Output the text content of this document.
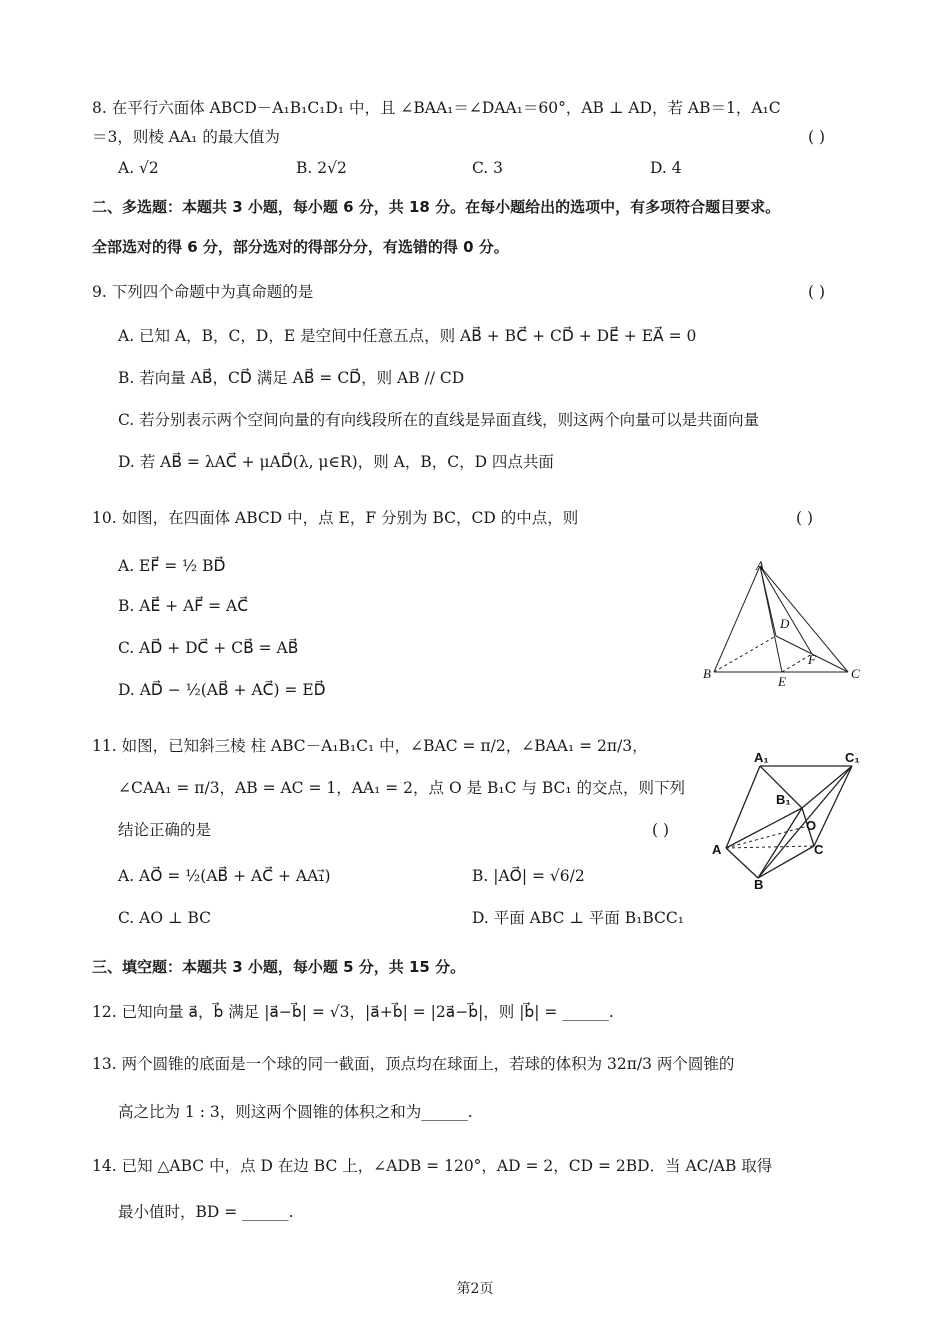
8. 在平行六面体 ABCD－A₁B₁C₁D₁ 中，且 ∠BAA₁＝∠DAA₁＝60°，AB ⊥ AD，若 AB＝1，A₁C
＝3，则棱 AA₁ 的最大值为	( )
A. √2	B. 2√2	C. 3	D. 4
二、多选题：本题共 3 小题，每小题 6 分，共 18 分。在每小题给出的选项中，有多项符合题目要求。
全部选对的得 6 分，部分选对的得部分分，有选错的得 0 分。
9. 下列四个命题中为真命题的是	( )
A. 已知 A，B，C，D，E 是空间中任意五点，则 AB⃗ + BC⃗ + CD⃗ + DE⃗ + EA⃗ = 0
B. 若向量 AB⃗，CD⃗ 满足 AB⃗ = CD⃗，则 AB // CD
C. 若分别表示两个空间向量的有向线段所在的直线是异面直线，则这两个向量可以是共面向量
D. 若 AB⃗ = λAC⃗ + μAD⃗(λ, μ∈R)，则 A，B，C，D 四点共面
10. 如图，在四面体 ABCD 中，点 E，F 分别为 BC，CD 的中点，则	( )
A. EF⃗ = ½ BD⃗
B. AE⃗ + AF⃗ = AC⃗
C. AD⃗ + DC⃗ + CB⃗ = AB⃗
D. AD⃗ − ½(AB⃗ + AC⃗) = ED⃗
A
B	C
D
E
F
11. 如图，已知斜三棱 柱 ABC－A₁B₁C₁ 中，∠BAC = π/2，∠BAA₁ = 2π/3，
∠CAA₁ = π/3，AB = AC = 1，AA₁ = 2，点 O 是 B₁C 与 BC₁ 的交点，则下列
结论正确的是	( )
A. AO⃗ = ½(AB⃗ + AC⃗ + AA₁⃗)	B. |AO⃗| = √6/2
C. AO ⊥ BC	D. 平面 ABC ⊥ 平面 B₁BCC₁
A₁	C₁
B₁
O
A	C
B
三、填空题：本题共 3 小题，每小题 5 分，共 15 分。
12. 已知向量 a⃗，b⃗ 满足 |a⃗−b⃗| = √3，|a⃗+b⃗| = |2a⃗−b⃗|，则 |b⃗| = ______.
13. 两个圆锥的底面是一个球的同一截面，顶点均在球面上，若球的体积为 32π/3 两个圆锥的
高之比为 1 : 3，则这两个圆锥的体积之和为______.
14. 已知 △ABC 中，点 D 在边 BC 上，∠ADB = 120°，AD = 2，CD = 2BD．当 AC/AB 取得
最小值时，BD = ______.
第2页
